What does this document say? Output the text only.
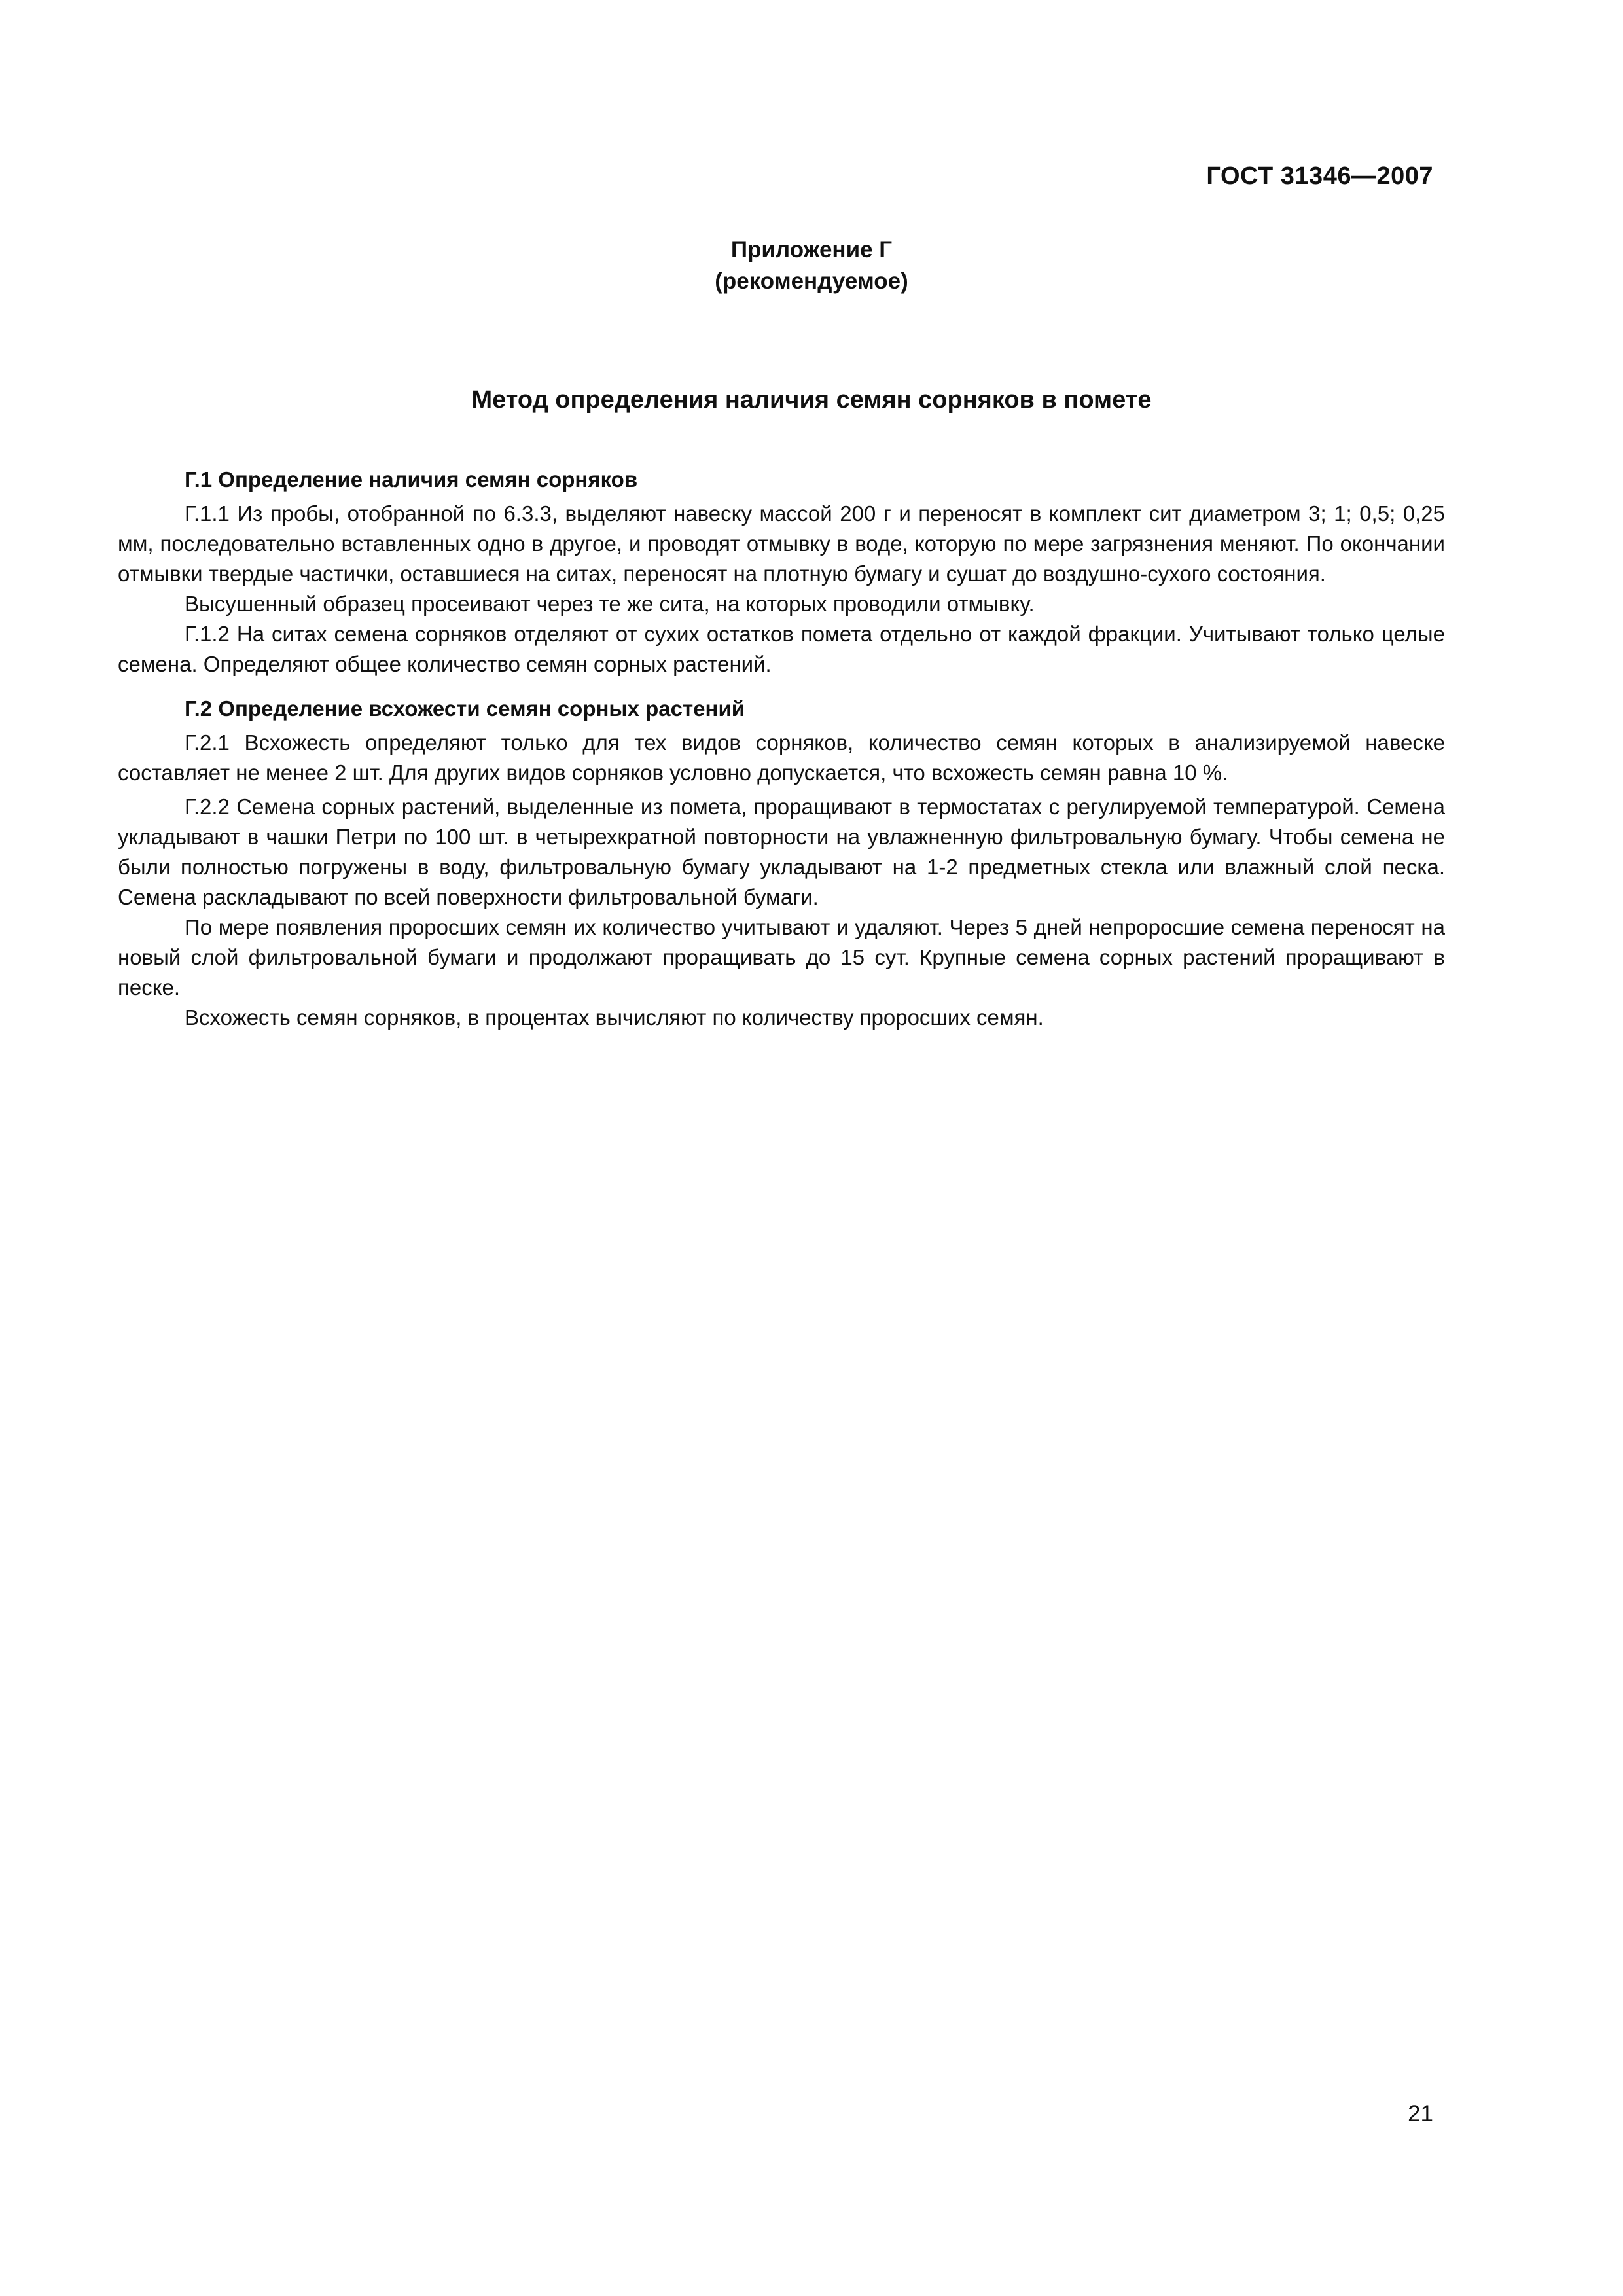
ГОСТ 31346—2007
Приложение Г
(рекомендуемое)
Метод определения наличия семян сорняков в помете
Г.1 Определение наличия семян сорняков

Г.1.1 Из пробы, отобранной по 6.3.3, выделяют навеску массой 200 г и переносят в комплект сит диаметром 3; 1; 0,5; 0,25 мм, последовательно вставленных одно в другое, и проводят отмывку в воде, которую по мере загрязнения меняют. По окончании отмывки твердые частички, оставшиеся на ситах, переносят на плотную бумагу и сушат до воздушно-сухого состояния.

Высушенный образец просеивают через те же сита, на которых проводили отмывку.

Г.1.2 На ситах семена сорняков отделяют от сухих остатков помета отдельно от каждой фракции. Учитывают только целые семена. Определяют общее количество семян сорных растений.

Г.2 Определение всхожести семян сорных растений

Г.2.1 Всхожесть определяют только для тех видов сорняков, количество семян которых в анализируемой навеске составляет не менее 2 шт. Для других видов сорняков условно допускается, что всхожесть семян равна 10 %.

Г.2.2 Семена сорных растений, выделенные из помета, проращивают в термостатах с регулируемой температурой. Семена укладывают в чашки Петри по 100 шт. в четырехкратной повторности на увлажненную фильтровальную бумагу. Чтобы семена не были полностью погружены в воду, фильтровальную бумагу укладывают на 1-2 предметных стекла или влажный слой песка. Семена раскладывают по всей поверхности фильтровальной бумаги.

По мере появления проросших семян их количество учитывают и удаляют. Через 5 дней непроросшие семена переносят на новый слой фильтровальной бумаги и продолжают проращивать до 15 сут. Крупные семена сорных растений проращивают в песке.

Всхожесть семян сорняков, в процентах вычисляют по количеству проросших семян.

21
